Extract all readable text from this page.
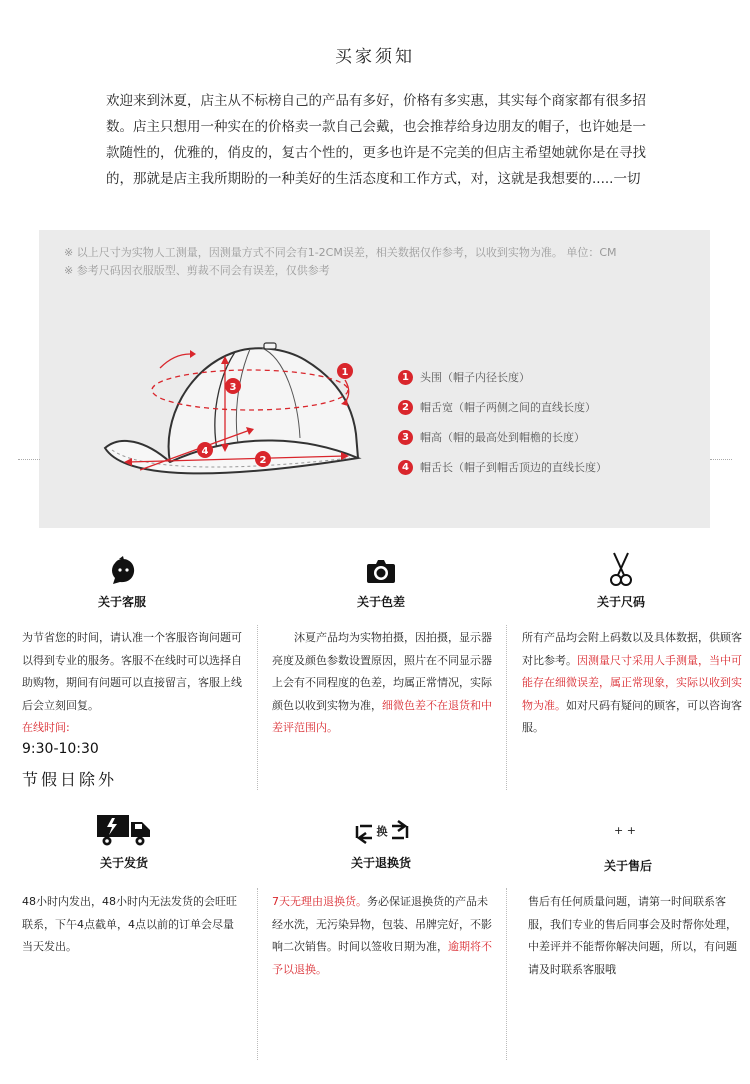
买家须知
欢迎来到沐夏，店主从不标榜自己的产品有多好，价格有多实惠，其实每个商家都有很多招数。店主只想用一种实在的价格卖一款自己会戴，也会推荐给身边朋友的帽子，也许她是一款随性的，优雅的，俏皮的，复古个性的，更多也许是不完美的但店主希望她就你是在寻找的，那就是店主我所期盼的一种美好的生活态度和工作方式，对，这就是我想要的.....一切
※ 以上尺寸为实物人工测量，因测量方式不同会有1-2CM误差，相关数据仅作参考，以收到实物为准。 单位：CM
※ 参考尺码因衣服版型、剪裁不同会有误差，仅供参考
1
2
3
4
1	头围（帽子内径长度）
2	帽舌宽（帽子两侧之间的直线长度）
3	帽高（帽的最高处到帽檐的长度）
4	帽舌长（帽子到帽舌顶边的直线长度）
关于客服	关于色差	关于尺码
为节省您的时间，请认准一个客服咨询问题可以得到专业的服务。客服不在线时可以选择自助购物，期间有问题可以直接留言，客服上线后会立刻回复。
在线时间:
9:30-10:30
节假日除外
　　沐夏产品均为实物拍摄，因拍摄，显示器亮度及颜色参数设置原因，照片在不同显示器上会有不同程度的色差，均属正常情况，实际颜色以收到实物为准，细微色差不在退货和中差评范围内。
所有产品均会附上码数以及具体数据，供顾客对比参考。因测量尺寸采用人手测量，当中可能存在细微误差，属正常现象，实际以收到实物为准。如对尺码有疑问的顾客，可以咨询客服。
换	+ +
关于发货	关于退换货	关于售后
48小时内发出，48小时内无法发货的会旺旺联系，下午4点截单，4点以前的订单会尽量当天发出。
7天无理由退换货。务必保证退换货的产品未经水洗，无污染异物，包装、吊牌完好，不影响二次销售。时间以签收日期为准，逾期将不予以退换。
售后有任何质量问题，请第一时间联系客服，我们专业的售后同事会及时帮你处理，中差评并不能帮你解决问题，所以，有问题请及时联系客服哦
